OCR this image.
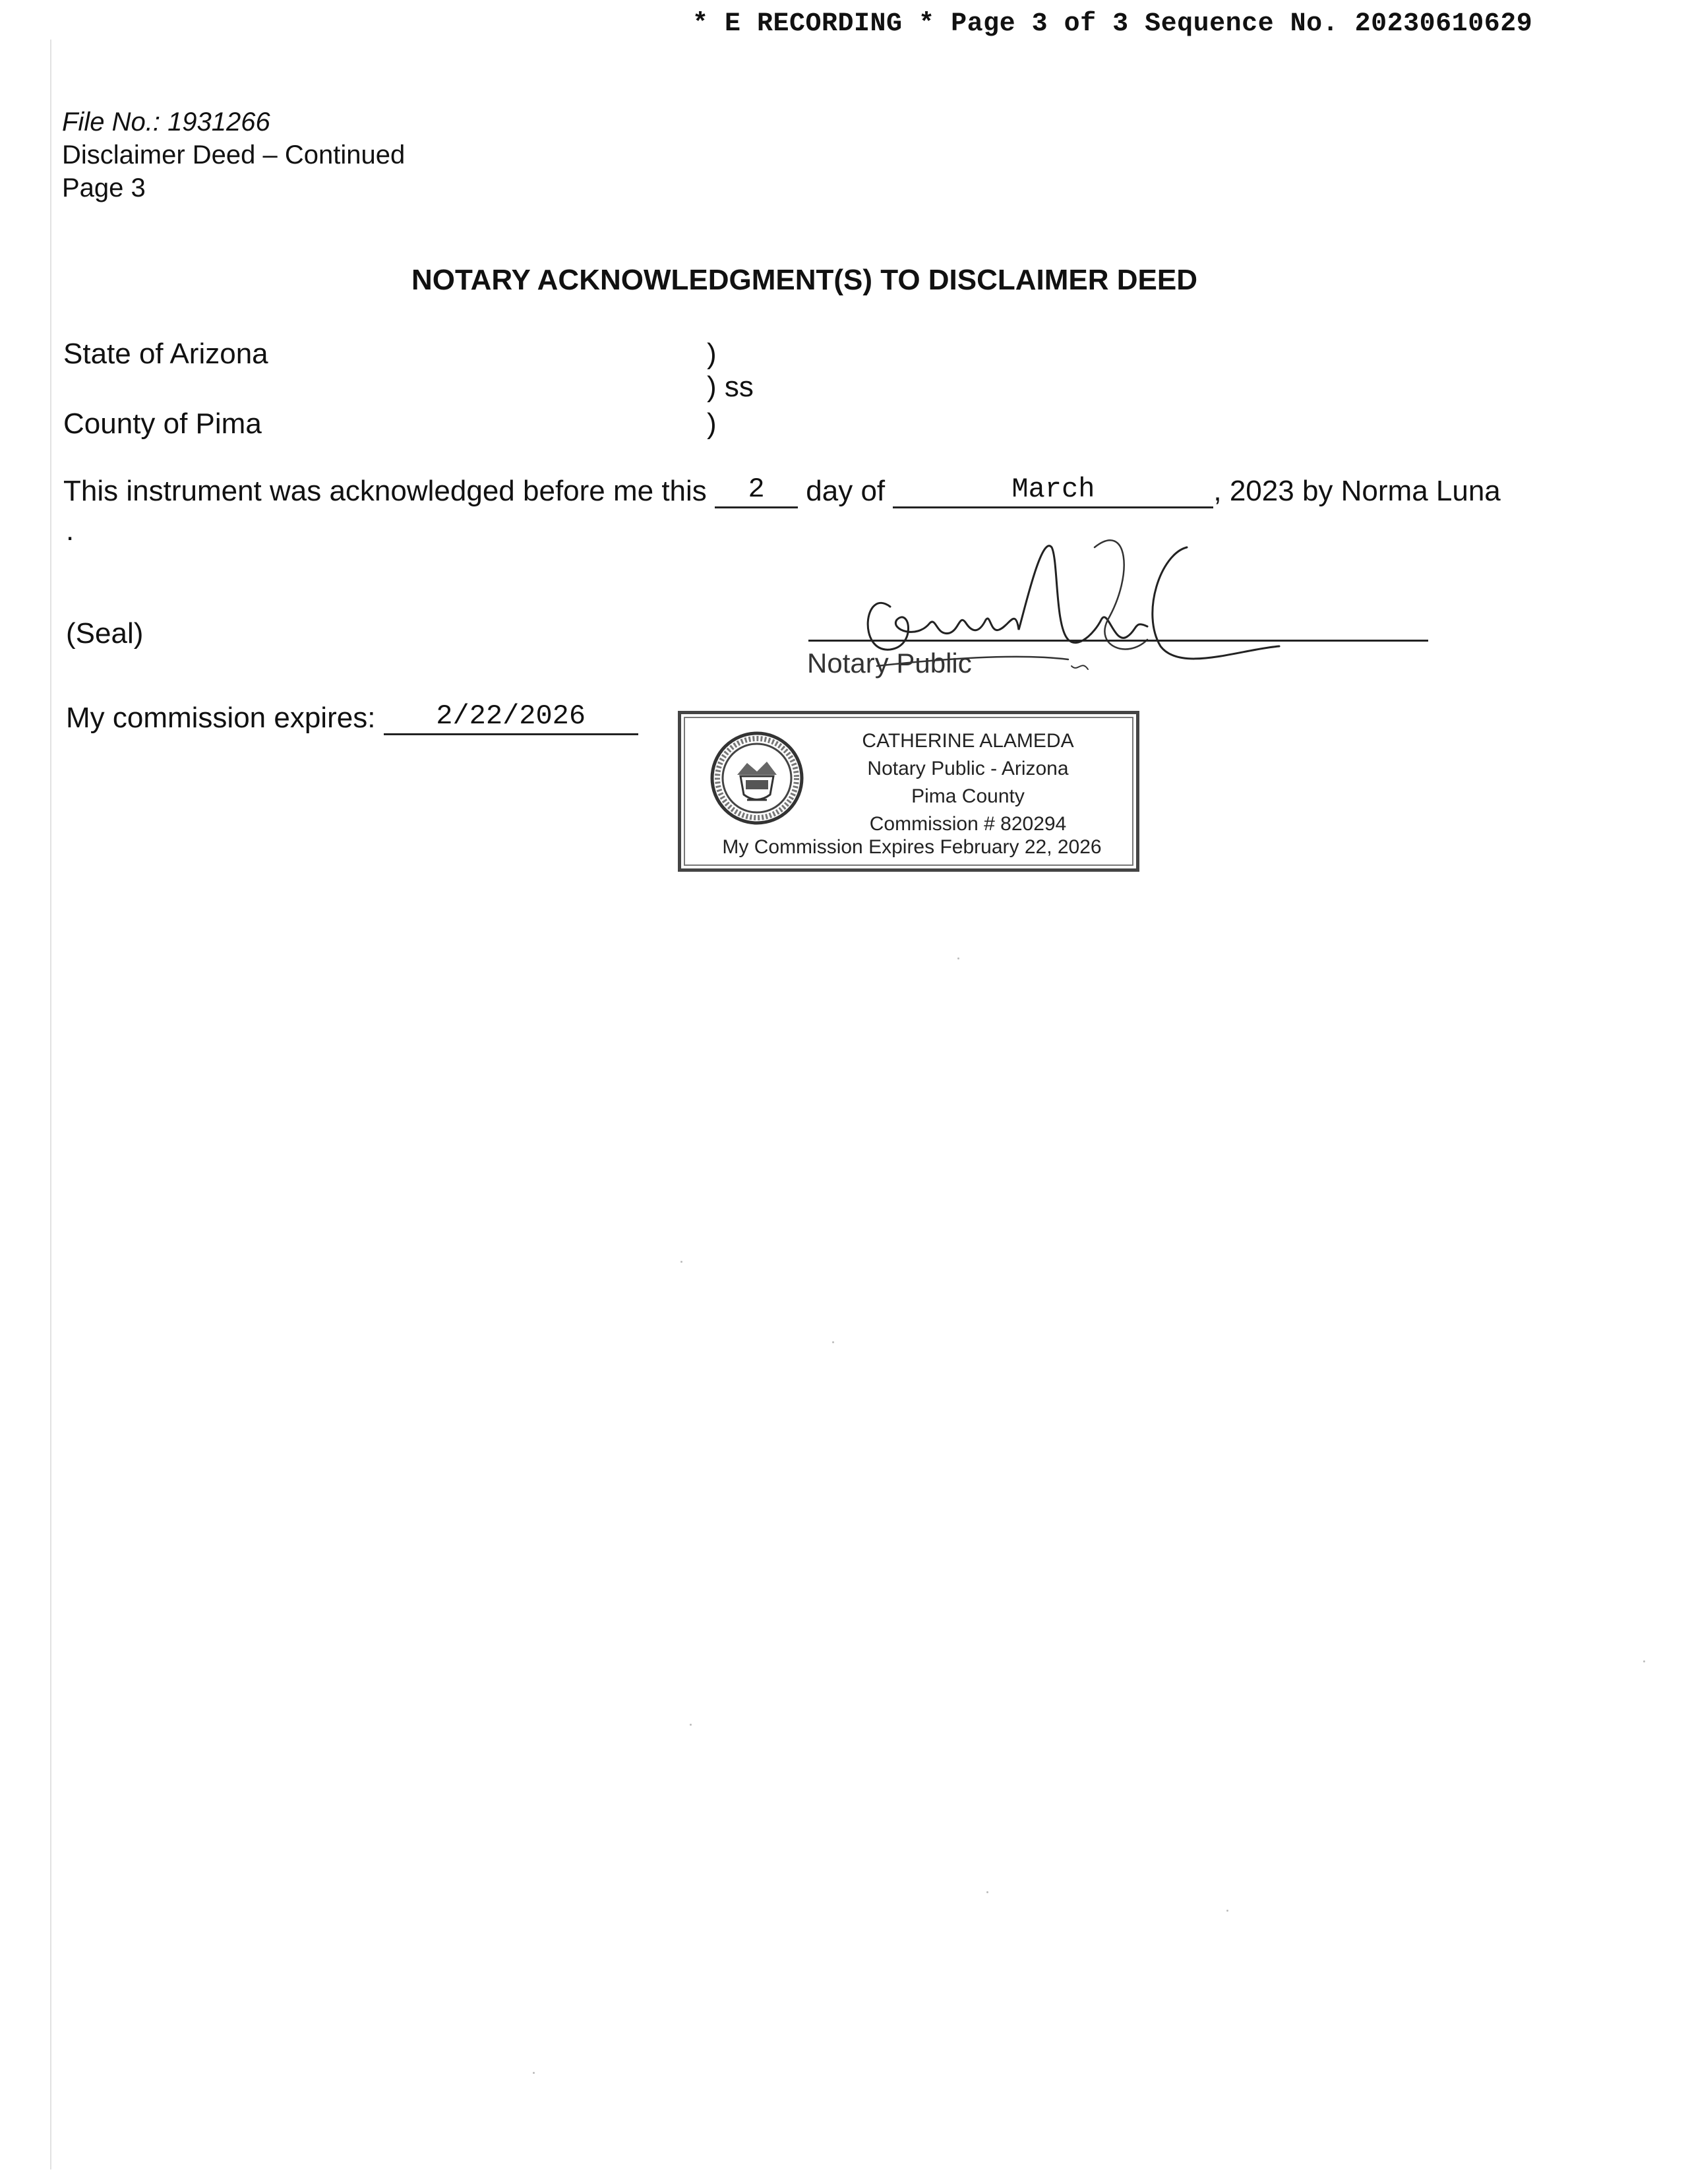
* E RECORDING * Page 3 of 3 Sequence No. 20230610629
File No.: 1931266
Disclaimer Deed – Continued
Page 3
NOTARY ACKNOWLEDGMENT(S) TO DISCLAIMER DEED
State of Arizona
County of Pima
)
) ss
)
This instrument was acknowledged before me this 2 day of	March	, 2023 by Norma Luna
.
(Seal)
Notary Public
My commission expires: 2/22/2026
CATHERINE ALAMEDA
Notary Public - Arizona
Pima County
Commission # 820294
My Commission Expires February 22, 2026
